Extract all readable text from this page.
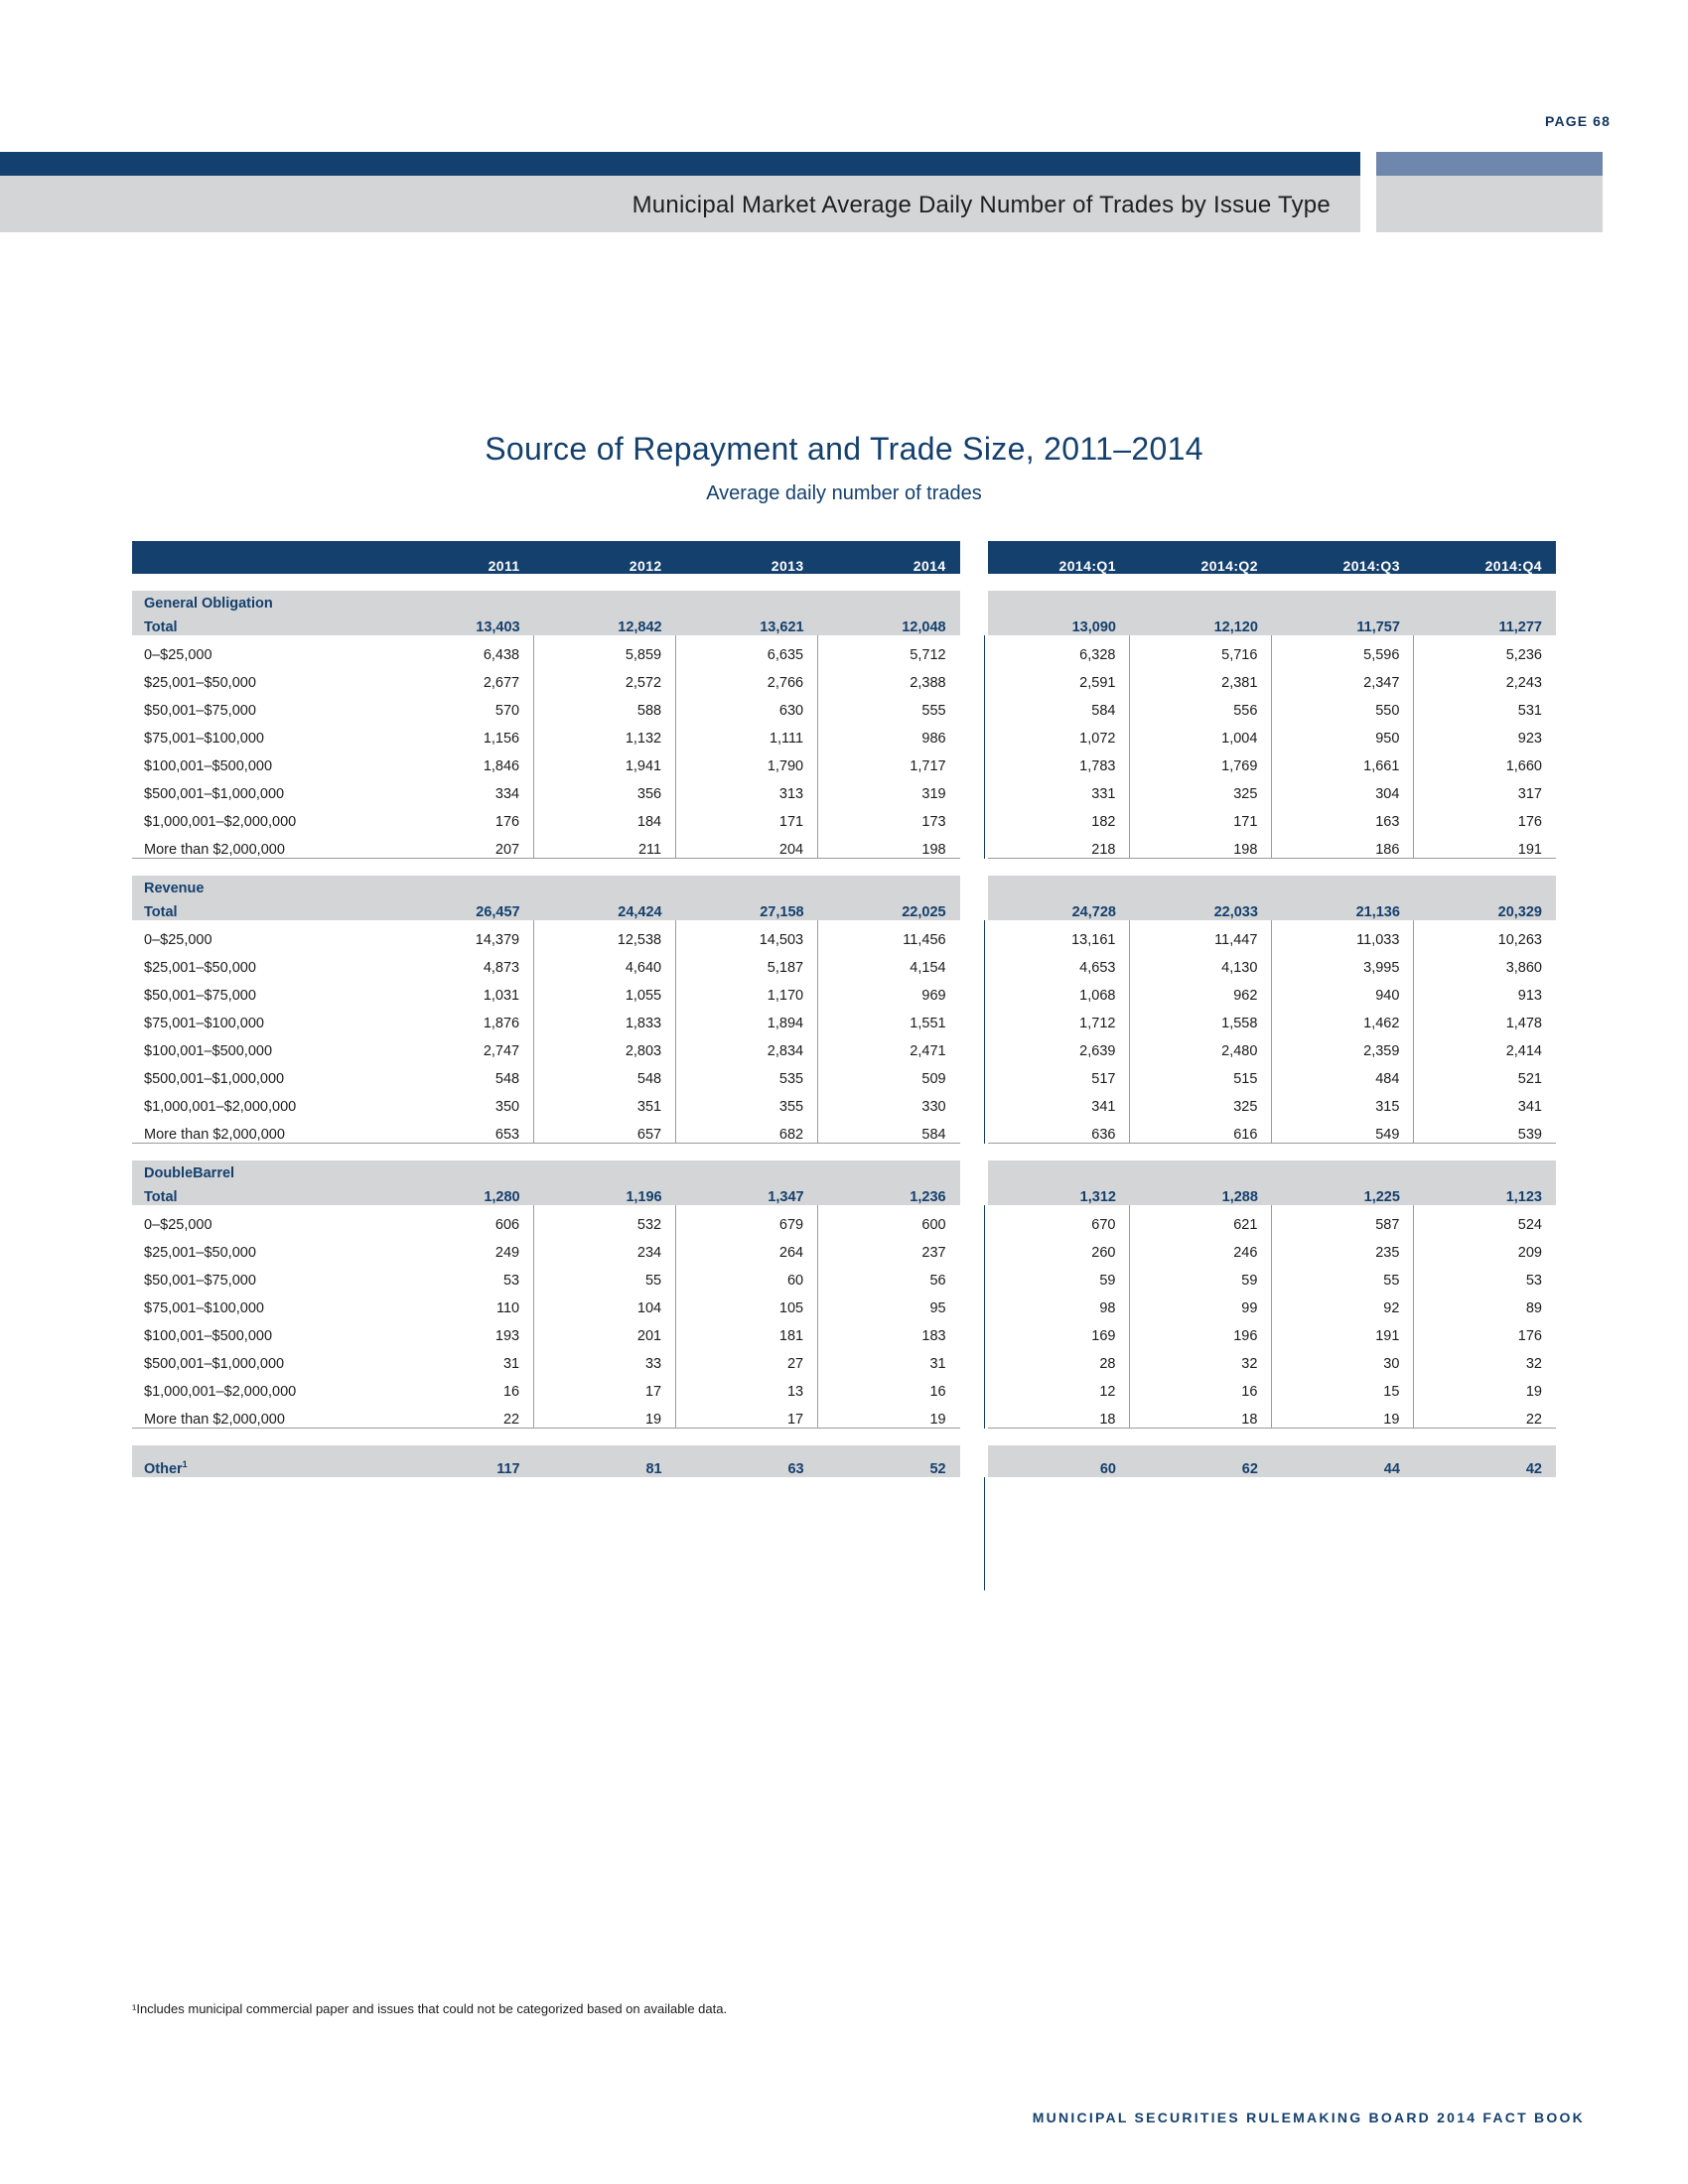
PAGE 68
Municipal Market Average Daily Number of Trades by Issue Type
Source of Repayment and Trade Size, 2011–2014
Average daily number of trades
	2011	2012	2013	2014		2014:Q1	2014:Q2	2014:Q3	2014:Q4

General Obligation									
Total	13,403	12,842	13,621	12,048		13,090	12,120	11,757	11,277
0–$25,000	6,438	5,859	6,635	5,712		6,328	5,716	5,596	5,236
$25,001–$50,000	2,677	2,572	2,766	2,388		2,591	2,381	2,347	2,243
$50,001–$75,000	570	588	630	555		584	556	550	531
$75,001–$100,000	1,156	1,132	1,111	986		1,072	1,004	950	923
$100,001–$500,000	1,846	1,941	1,790	1,717		1,783	1,769	1,661	1,660
$500,001–$1,000,000	334	356	313	319		331	325	304	317
$1,000,001–$2,000,000	176	184	171	173		182	171	163	176
More than $2,000,000	207	211	204	198		218	198	186	191

Revenue									
Total	26,457	24,424	27,158	22,025		24,728	22,033	21,136	20,329
0–$25,000	14,379	12,538	14,503	11,456		13,161	11,447	11,033	10,263
$25,001–$50,000	4,873	4,640	5,187	4,154		4,653	4,130	3,995	3,860
$50,001–$75,000	1,031	1,055	1,170	969		1,068	962	940	913
$75,001–$100,000	1,876	1,833	1,894	1,551		1,712	1,558	1,462	1,478
$100,001–$500,000	2,747	2,803	2,834	2,471		2,639	2,480	2,359	2,414
$500,001–$1,000,000	548	548	535	509		517	515	484	521
$1,000,001–$2,000,000	350	351	355	330		341	325	315	341
More than $2,000,000	653	657	682	584		636	616	549	539

DoubleBarrel									
Total	1,280	1,196	1,347	1,236		1,312	1,288	1,225	1,123
0–$25,000	606	532	679	600		670	621	587	524
$25,001–$50,000	249	234	264	237		260	246	235	209
$50,001–$75,000	53	55	60	56		59	59	55	53
$75,001–$100,000	110	104	105	95		98	99	92	89
$100,001–$500,000	193	201	181	183		169	196	191	176
$500,001–$1,000,000	31	33	27	31		28	32	30	32
$1,000,001–$2,000,000	16	17	13	16		12	16	15	19
More than $2,000,000	22	19	17	19		18	18	19	22

Other$^1$	117	81	63	52		60	62	44	42
¹Includes municipal commercial paper and issues that could not be categorized based on available data.
MUNICIPAL SECURITIES RULEMAKING BOARD 2014 FACT BOOK
